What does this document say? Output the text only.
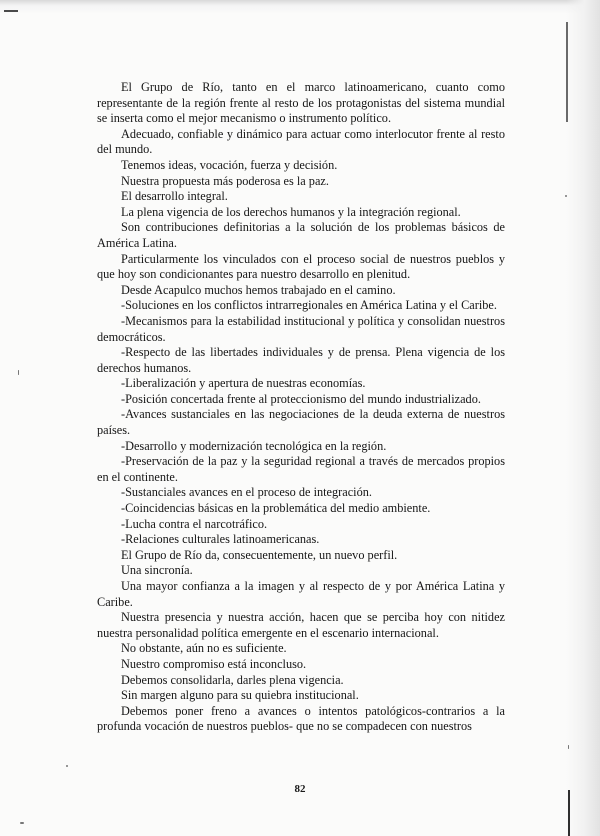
El Grupo de Río, tanto en el marco latinoamericano, cuanto como representante de la región frente al resto de los protagonistas del sistema mundial se inserta como el mejor mecanismo o instrumento político.

Adecuado, confiable y dinámico para actuar como interlocutor frente al resto del mundo.

Tenemos ideas, vocación, fuerza y decisión.

Nuestra propuesta más poderosa es la paz.

El desarrollo integral.

La plena vigencia de los derechos humanos y la integración regional.

Son contribuciones definitorias a la solución de los problemas básicos de América Latina.

Particularmente los vinculados con el proceso social de nuestros pueblos y que hoy son condicionantes para nuestro desarrollo en plenitud.

Desde Acapulco muchos hemos trabajado en el camino.

-Soluciones en los conflictos intrarregionales en América Latina y el Caribe.

-Mecanismos para la estabilidad institucional y política y consolidan nuestros democráticos.

-Respecto de las libertades individuales y de prensa. Plena vigencia de los derechos humanos.

-Liberalización y apertura de nuestras economías.

-Posición concertada frente al proteccionismo del mundo industrializado.

-Avances sustanciales en las negociaciones de la deuda externa de nuestros países.

-Desarrollo y modernización tecnológica en la región.

-Preservación de la paz y la seguridad regional a través de mercados propios en el continente.

-Sustanciales avances en el proceso de integración.

-Coincidencias básicas en la problemática del medio ambiente.

-Lucha contra el narcotráfico.

-Relaciones culturales latinoamericanas.

El Grupo de Río da, consecuentemente, un nuevo perfil.

Una sincronía.

Una mayor confianza a la imagen y al respecto de y por América Latina y Caribe.

Nuestra presencia y nuestra acción, hacen que se perciba hoy con nitidez nuestra personalidad política emergente en el escenario internacional.

No obstante, aún no es suficiente.

Nuestro compromiso está inconcluso.

Debemos consolidarla, darles plena vigencia.

Sin margen alguno para su quiebra institucional.

Debemos poner freno a avances o intentos patológicos-contrarios a la profunda vocación de nuestros pueblos- que no se compadecen con nuestros

82
